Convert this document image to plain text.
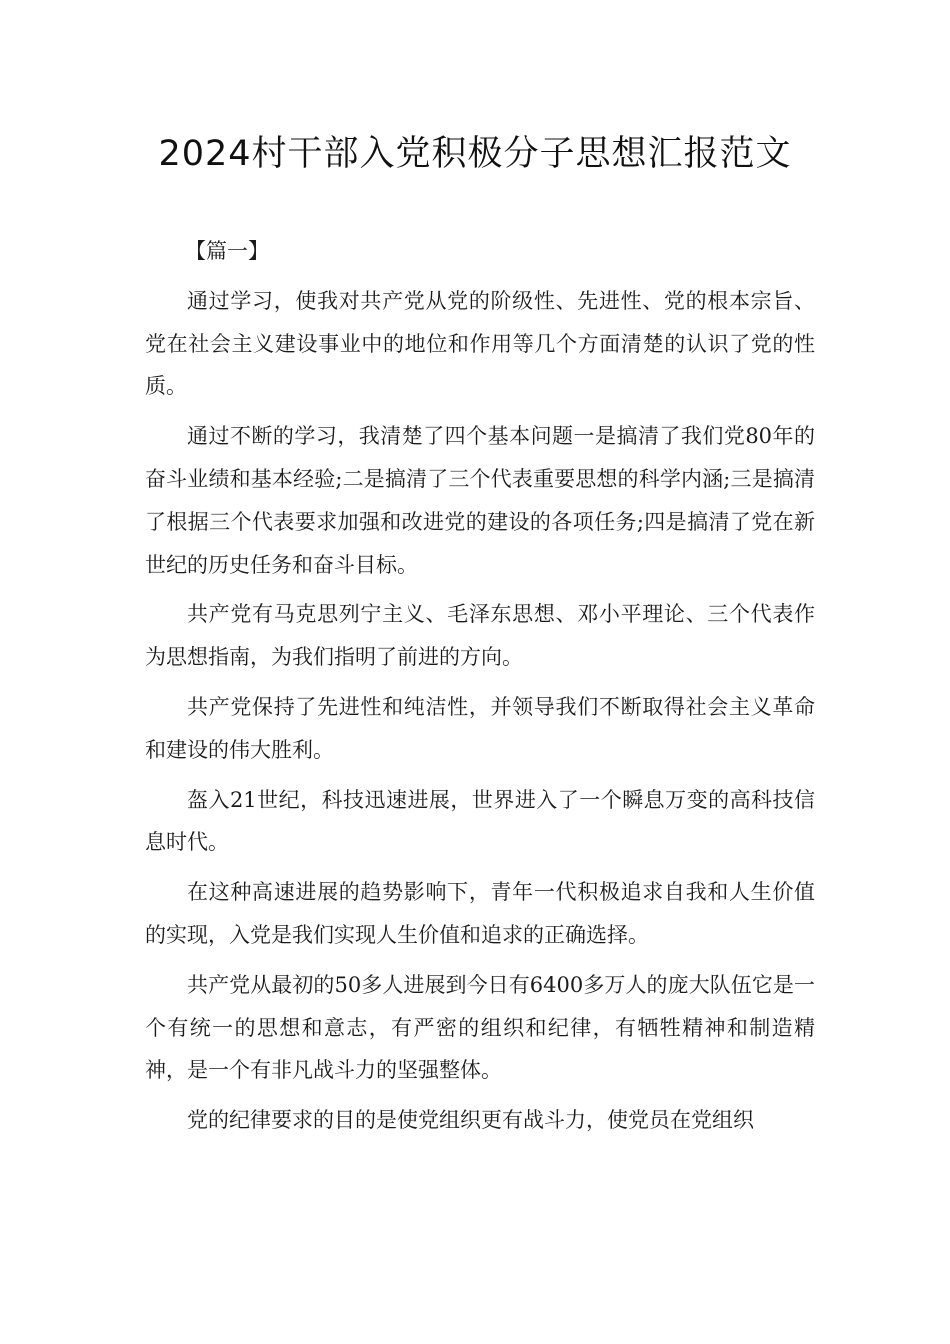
2024村干部入党积极分子思想汇报范文

【篇一】

通过学习，使我对共产党从党的阶级性、先进性、党的根本宗旨、党在社会主义建设事业中的地位和作用等几个方面清楚的认识了党的性质。

通过不断的学习，我清楚了四个基本问题一是搞清了我们党80年的奋斗业绩和基本经验;二是搞清了三个代表重要思想的科学内涵;三是搞清了根据三个代表要求加强和改进党的建设的各项任务;四是搞清了党在新世纪的历史任务和奋斗目标。

共产党有马克思列宁主义、毛泽东思想、邓小平理论、三个代表作为思想指南，为我们指明了前进的方向。

共产党保持了先进性和纯洁性，并领导我们不断取得社会主义革命和建设的伟大胜利。

盔入21世纪，科技迅速进展，世界进入了一个瞬息万变的高科技信息时代。

在这种高速进展的趋势影响下，青年一代积极追求自我和人生价值的实现，入党是我们实现人生价值和追求的正确选择。

共产党从最初的50多人进展到今日有6400多万人的庞大队伍它是一个有统一的思想和意志，有严密的组织和纪律，有牺牲精神和制造精神，是一个有非凡战斗力的坚强整体。

党的纪律要求的目的是使党组织更有战斗力，使党员在党组织
